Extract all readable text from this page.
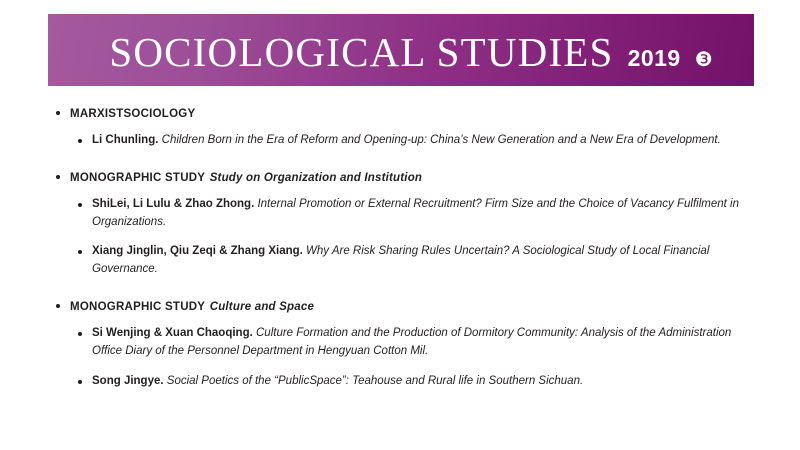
SOCIOLOGICAL STUDIES 2019 ❸
MARXISTSOCIOLOGY
Li Chunling. Children Born in the Era of Reform and Opening-up: China’s New Generation and a New Era of Development.
MONOGRAPHIC STUDY Study on Organization and Institution
ShiLei, Li Lulu & Zhao Zhong. Internal Promotion or External Recruitment? Firm Size and the Choice of Vacancy Fulfilment in Organizations.
Xiang Jinglin, Qiu Zeqi & Zhang Xiang. Why Are Risk Sharing Rules Uncertain? A Sociological Study of Local Financial Governance.
MONOGRAPHIC STUDY Culture and Space
Si Wenjing & Xuan Chaoqing. Culture Formation and the Production of Dormitory Community: Analysis of the Administration Office Diary of the Personnel Department in Hengyuan Cotton Mil.
Song Jingye. Social Poetics of the “PublicSpace”: Teahouse and Rural life in Southern Sichuan.
